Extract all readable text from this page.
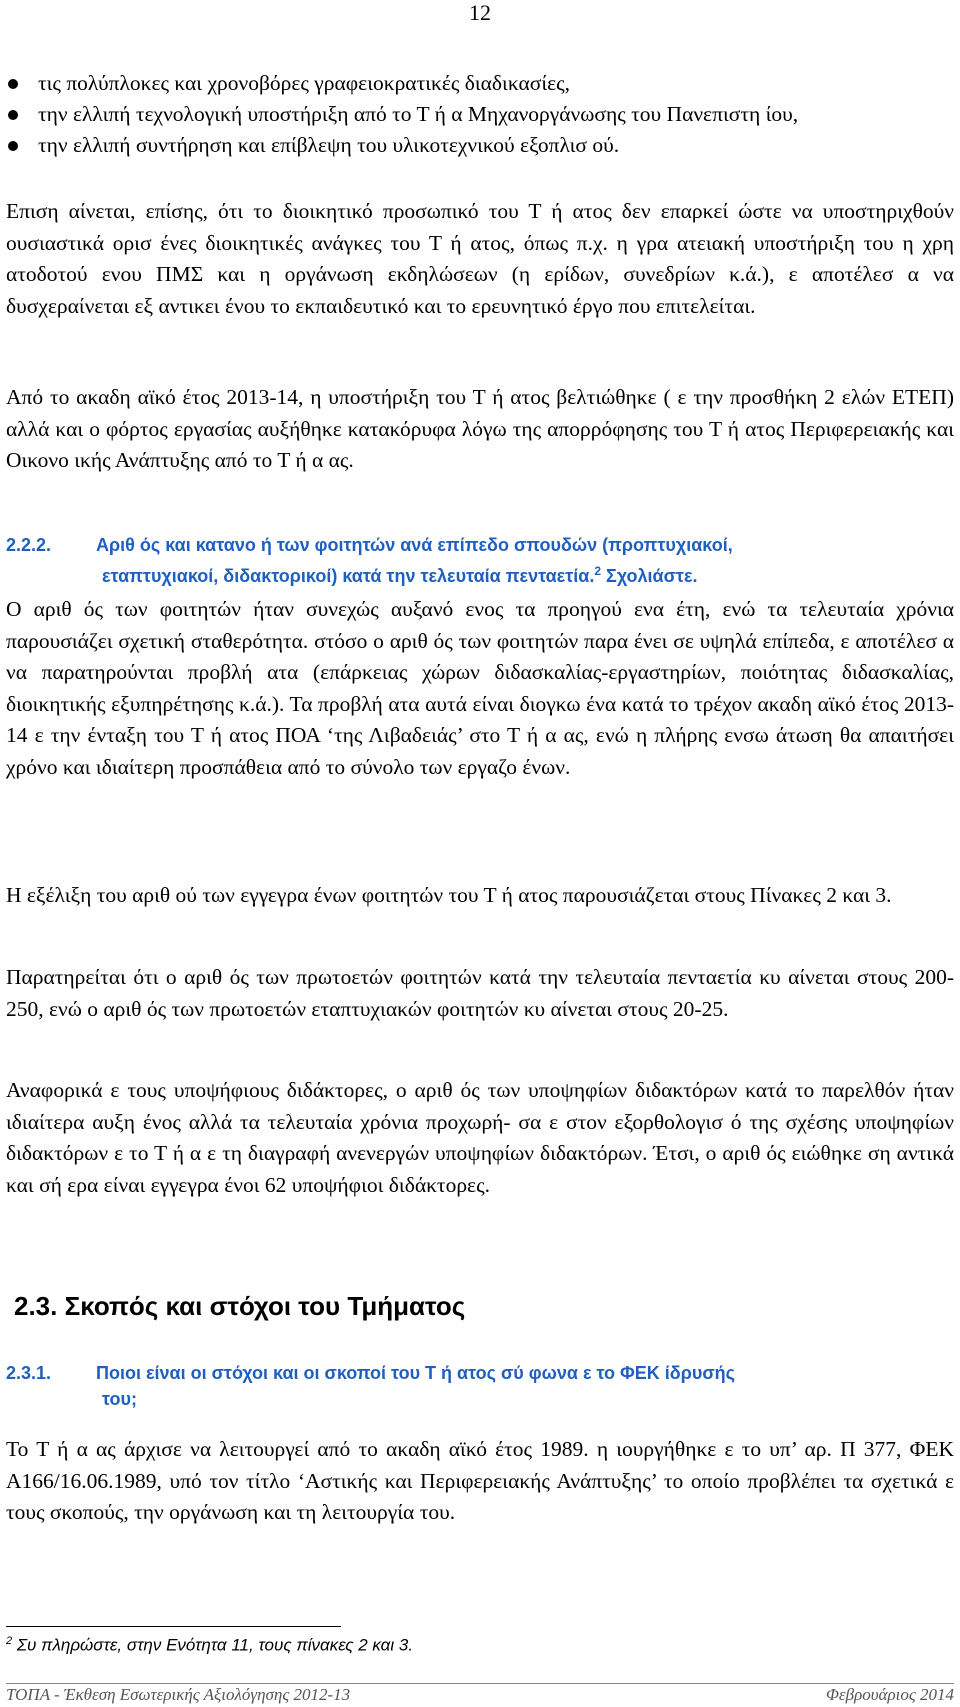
12
τις πολύπλοκες και χρονοβόρες γραφειοκρατικές διαδικασίες,
την ελλιπή τεχνολογική υποστήριξη από το Τ ή α Μηχανοργάνωσης του Πανεπιστη ίου,
την ελλιπή συντήρηση και επίβλεψη του υλικοτεχνικού εξοπλισ ού.

Επιση αίνεται, επίσης, ότι το διοικητικό προσωπικό του Τ ή ατος δεν επαρκεί ώστε να υποστηριχθούν ουσιαστικά ορισ ένες διοικητικές ανάγκες του Τ ή ατος, όπως π.χ. η γρα ατειακή υποστήριξη του η χρη ατοδοτού ενου ΠΜΣ και η οργάνωση εκδηλώσεων (η ερίδων, συνεδρίων κ.ά.), ε αποτέλεσ α να δυσχεραίνεται εξ αντικει ένου το εκπαιδευτικό και το ερευνητικό έργο που επιτελείται.

Από το ακαδη αϊκό έτος 2013-14, η υποστήριξη του Τ ή ατος βελτιώθηκε ( ε την προσθήκη 2 ελών ΕΤΕΠ) αλλά και ο φόρτος εργασίας αυξήθηκε κατακόρυφα λόγω της απορρόφησης του Τ ή ατος Περιφερειακής και Οικονο ικής Ανάπτυξης από το Τ ή α ας.

2.2.2. Αριθ ός και κατανο ή των φοιτητών ανά επίπεδο σπουδών (προπτυχιακοί,
εταπτυχιακοί, διδακτορικοί) κατά την τελευταία πενταετία.$^2$ Σχολιάστε.

Ο αριθ ός των φοιτητών ήταν συνεχώς αυξανό ενος τα προηγού ενα έτη, ενώ τα τελευταία χρόνια παρουσιάζει σχετική σταθερότητα. στόσο ο αριθ ός των φοιτητών παρα ένει σε υψηλά επίπεδα, ε αποτέλεσ α να παρατηρούνται προβλή ατα (επάρκειας χώρων διδασκαλίας-εργαστηρίων, ποιότητας διδασκαλίας, διοικητικής εξυπηρέτησης κ.ά.). Τα προβλή ατα αυτά είναι διογκω ένα κατά το τρέχον ακαδη αϊκό έτος 2013-14 ε την ένταξη του Τ ή ατος ΠΟΑ ‘της Λιβαδειάς’ στο Τ ή α ας, ενώ η πλήρης ενσω άτωση θα απαιτήσει χρόνο και ιδιαίτερη προσπάθεια από το σύνολο των εργαζο ένων.

Η εξέλιξη του αριθ ού των εγγεγρα ένων φοιτητών του Τ ή ατος παρουσιάζεται στους Πίνακες 2 και 3.

Παρατηρείται ότι ο αριθ ός των πρωτοετών φοιτητών κατά την τελευταία πενταετία κυ αίνεται στους 200-250, ενώ ο αριθ ός των πρωτοετών εταπτυχιακών φοιτητών κυ αίνεται στους 20-25.

Αναφορικά ε τους υποψήφιους διδάκτορες, ο αριθ ός των υποψηφίων διδακτόρων κατά το παρελθόν ήταν ιδιαίτερα αυξη ένος αλλά τα τελευταία χρόνια προχωρή- σα ε στον εξορθολογισ ό της σχέσης υποψηφίων διδακτόρων ε το Τ ή α ε τη διαγραφή ανενεργών υποψηφίων διδακτόρων. Έτσι, ο αριθ ός ειώθηκε ση αντικά και σή ερα είναι εγγεγρα ένοι 62 υποψήφιοι διδάκτορες.

2.3. Σκοπός και στόχοι του Τμήματος
2.3.1. Ποιοι είναι οι στόχοι και οι σκοποί του Τ ή ατος σύ φωνα ε το ΦΕΚ ίδρυσής
του;

Το Τ ή α ας άρχισε να λειτουργεί από το ακαδη αϊκό έτος 1989. η ιουργήθηκε ε το υπ’ αρ. Π 377, ΦΕΚ Α166/16.06.1989, υπό τον τίτλο ‘Αστικής και Περιφερειακής Ανάπτυξης’ το οποίο προβλέπει τα σχετικά ε τους σκοπούς, την οργάνωση και τη λειτουργία του.

$^2$ Συ πληρώστε, στην Ενότητα 11, τους πίνακες 2 και 3.
ΤΟΠΑ - Έκθεση Εσωτερικής Αξιολόγησης 2012-13	Φεβρουάριος 2014
